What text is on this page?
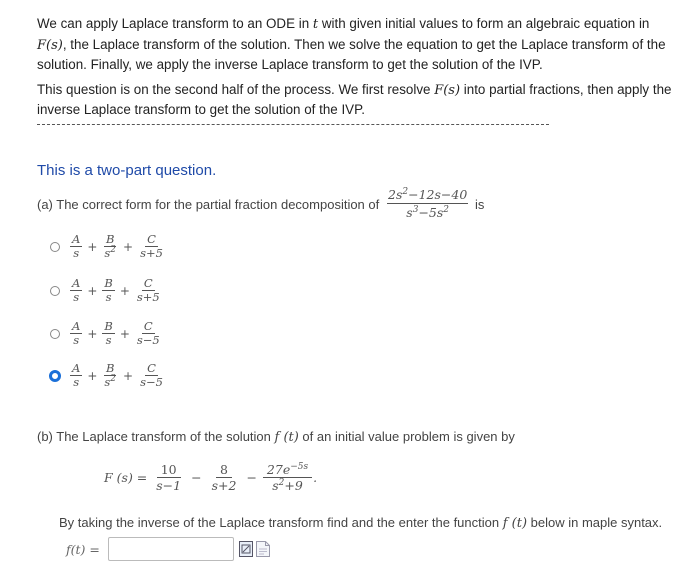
We can apply Laplace transform to an ODE in t with given initial values to form an algebraic equation in F(s), the Laplace transform of the solution. Then we solve the equation to get the Laplace transform of the solution. Finally, we apply the inverse Laplace transform to get the solution of the IVP.

This question is on the second half of the process. We first resolve F(s) into partial fractions, then apply the inverse Laplace transform to get the solution of the IVP.

This is a two-part question.
(a) The correct form for the partial fraction decomposition of $\frac{2s^2-12s-40}{s^3-5s^2}$ is
A
$s + \frac{B}{s^2} + \frac{C}{s+5}$
A
$s + \frac{B}{s} + \frac{C}{s+5}$
A
$s + \frac{B}{s} + \frac{C}{s-5}$
A
$s + \frac{B}{s^2} + \frac{C}{s-5}$
(b) The Laplace transform of the solution f (t) of an initial value problem is given by
F $(s) = \frac{10}{s-1} - \frac{8}{s+2} - \frac{27e^{-5s}}{s^2+9}$ .
By taking the inverse of the Laplace transform find and the enter the function f (t) below in maple syntax.
f(t) =
